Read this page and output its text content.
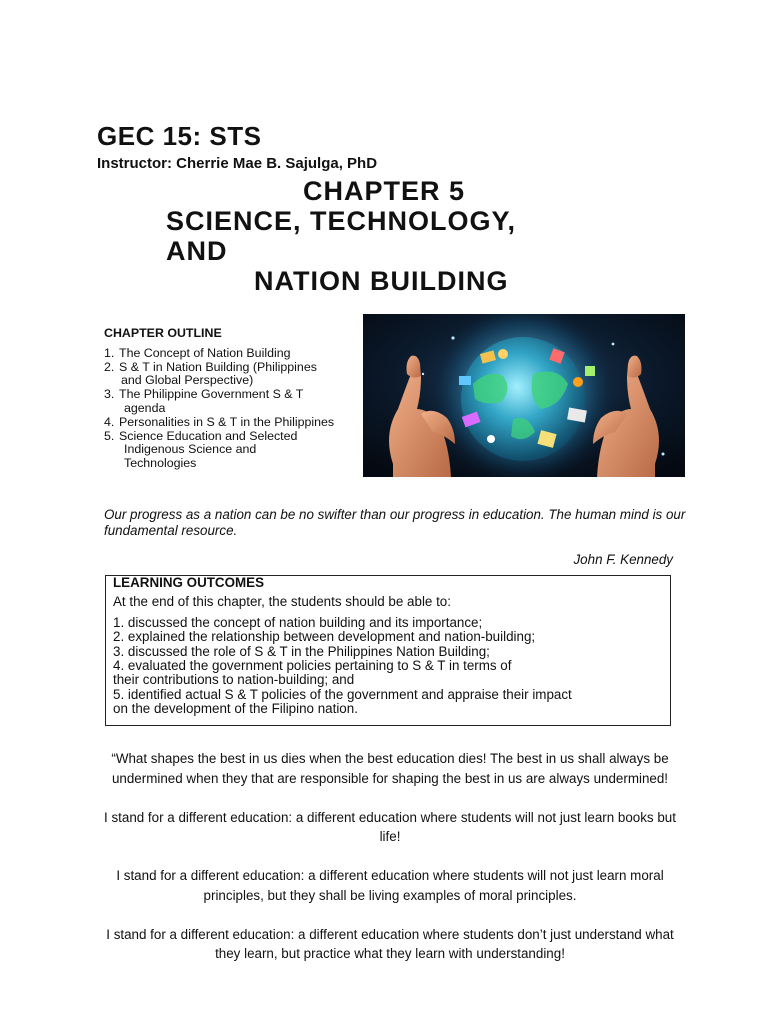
GEC 15: STS
Instructor: Cherrie Mae B. Sajulga, PhD
CHAPTER 5
SCIENCE, TECHNOLOGY,
AND
NATION BUILDING
CHAPTER OUTLINE
1. The Concept of Nation Building
2. S & T in Nation Building (Philippines
and Global Perspective)
3. The Philippine Government S & T
agenda
4. Personalities in S & T in the Philippines
5. Science Education and Selected
Indigenous Science and
Technologies
Our progress as a nation can be no swifter than our progress in education. The human mind is our fundamental resource.
John F. Kennedy
LEARNING OUTCOMES
At the end of this chapter, the students should be able to:
1. discussed the concept of nation building and its importance;
2. explained the relationship between development and nation-building;
3. discussed the role of S & T in the Philippines Nation Building;
4. evaluated the government policies pertaining to S & T in terms of
their contributions to nation-building; and
5. identified actual S & T policies of the government and appraise their impact
on the development of the Filipino nation.

“What shapes the best in us dies when the best education dies! The best in us shall always be undermined when they that are responsible for shaping the best in us are always undermined!

I stand for a different education: a different education where students will not just learn books but life!

I stand for a different education: a different education where students will not just learn moral principles, but they shall be living examples of moral principles.

I stand for a different education: a different education where students don’t just understand what they learn, but practice what they learn with understanding!
